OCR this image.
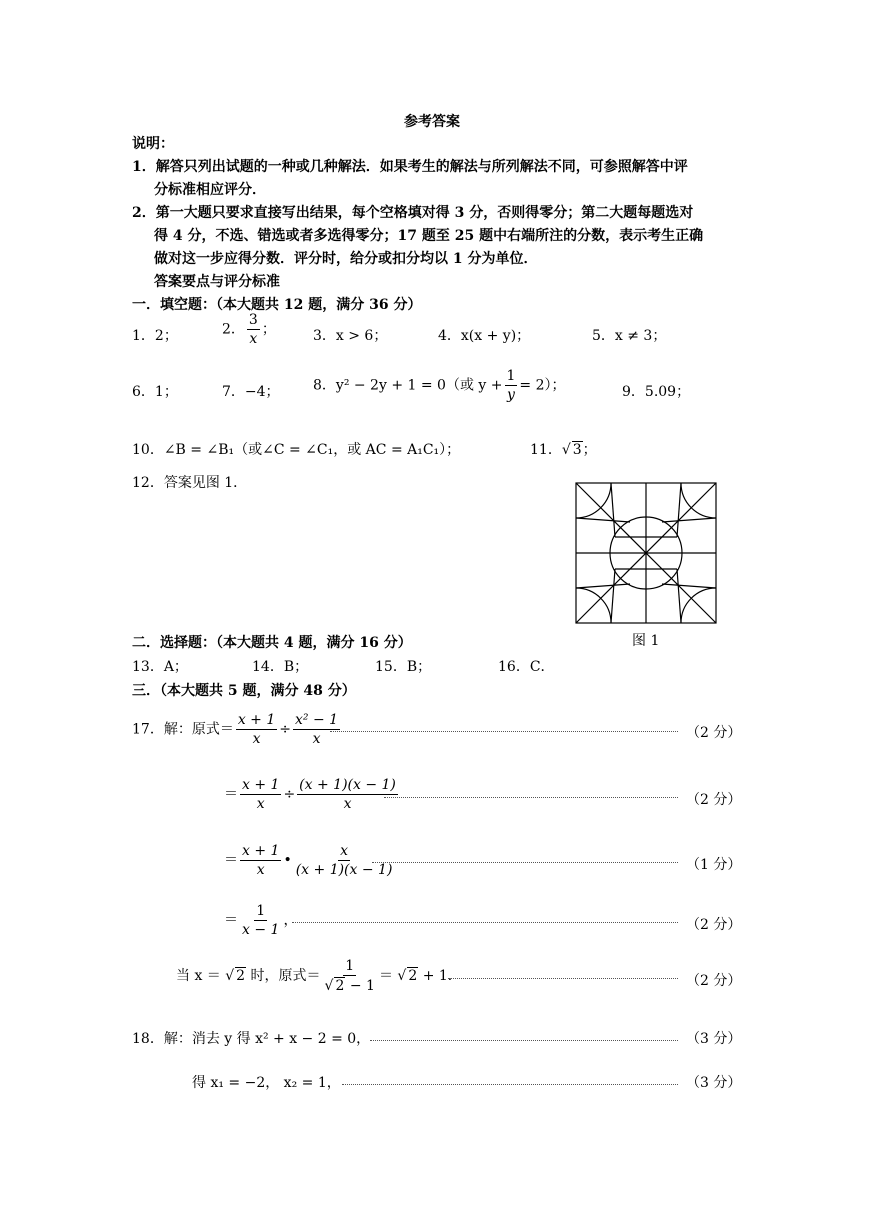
参考答案
说明：
1．解答只列出试题的一种或几种解法．如果考生的解法与所列解法不同，可参照解答中评
分标准相应评分．
2．第一大题只要求直接写出结果，每个空格填对得 3 分，否则得零分；第二大题每题选对
得 4 分，不选、错选或者多选得零分；17 题至 25 题中右端所注的分数，表示考生正确
做对这一步应得分数．评分时，给分或扣分均以 1 分为单位．
答案要点与评分标准
一．填空题：（本大题共 12 题，满分 36 分）
1．2；	2． $\frac{3}{x}$ ；	3．x > 6；	4．x(x + y)；	5．x ≠ 3；
6．1；	7．−4； 8．y² − 2y + 1 = 0（或 $y + \frac{1}{y} = 2$）；	9．5.09；
10．∠B = ∠B₁（或∠C = ∠C₁，或 AC = A₁C₁）；	11．√ 3；
12．答案见图 1．
图 1
二．选择题：（本大题共 4 题，满分 16 分）
13．A；	14．B；	15．B；	16．C．
三．（本大题共 5 题，满分 48 分）
17．解：原式＝ $\frac{x + 1}{x} \div \frac{\text{x² − 1}}{x}$	（2 分）
＝ $\frac{x + 1}{x} \div \frac{(x + 1)(x - 1)}{x}$	（2 分）
＝ $\frac{x + 1}{x}$ • $\frac{x}{(x + 1)(x - 1)}$	（1 分）
＝ $\frac{1}{x - 1}$ ，	（2 分）
当 x ＝ √ 2 时，原式＝ $\frac{1}{√ 2 - 1}$ ＝ √ 2 + 1．	（2 分）
18．解：消去 y 得 x² + x − 2 = 0，	（3 分）
得 x₁ = −2， x₂ = 1，	（3 分）
